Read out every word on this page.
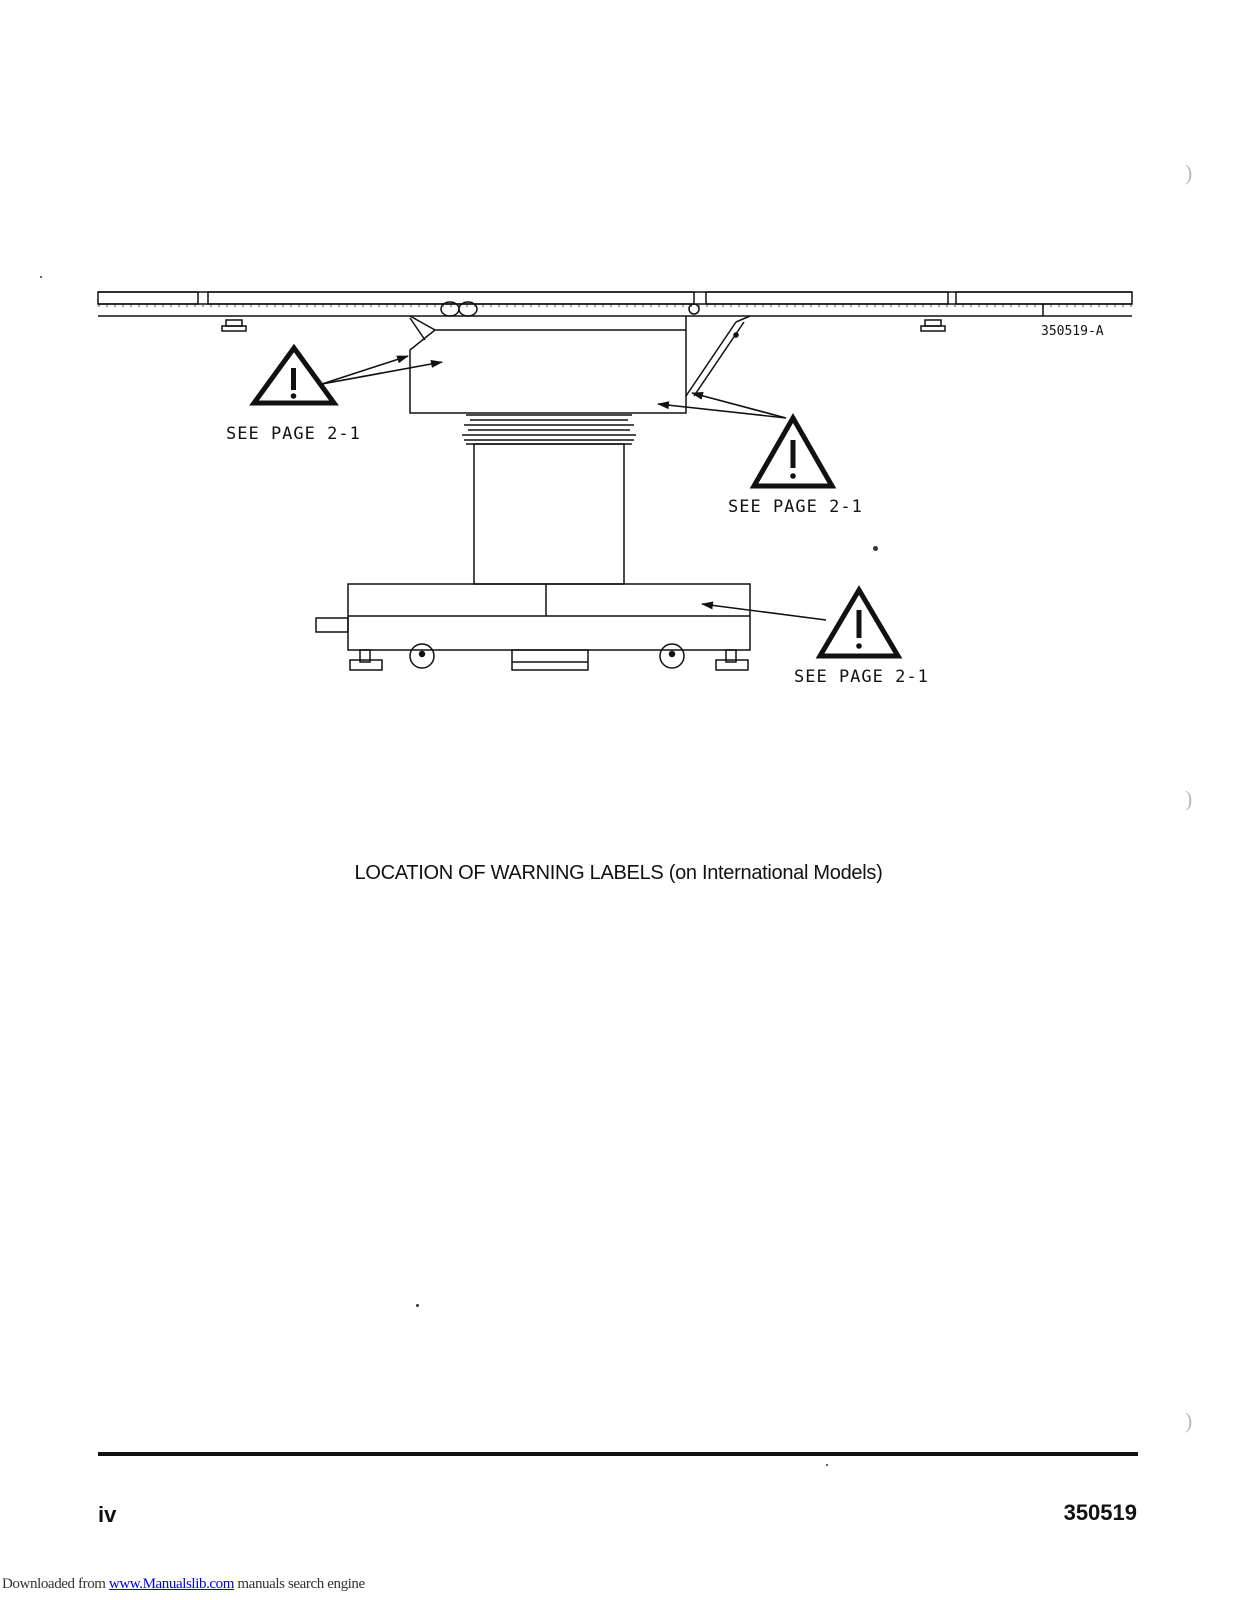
350519-A
SEE PAGE 2-1
SEE PAGE 2-1
SEE PAGE 2-1
LOCATION OF WARNING LABELS (on International Models)
iv	350519
Downloaded from www.Manualslib.com manuals search engine
)
)
)
